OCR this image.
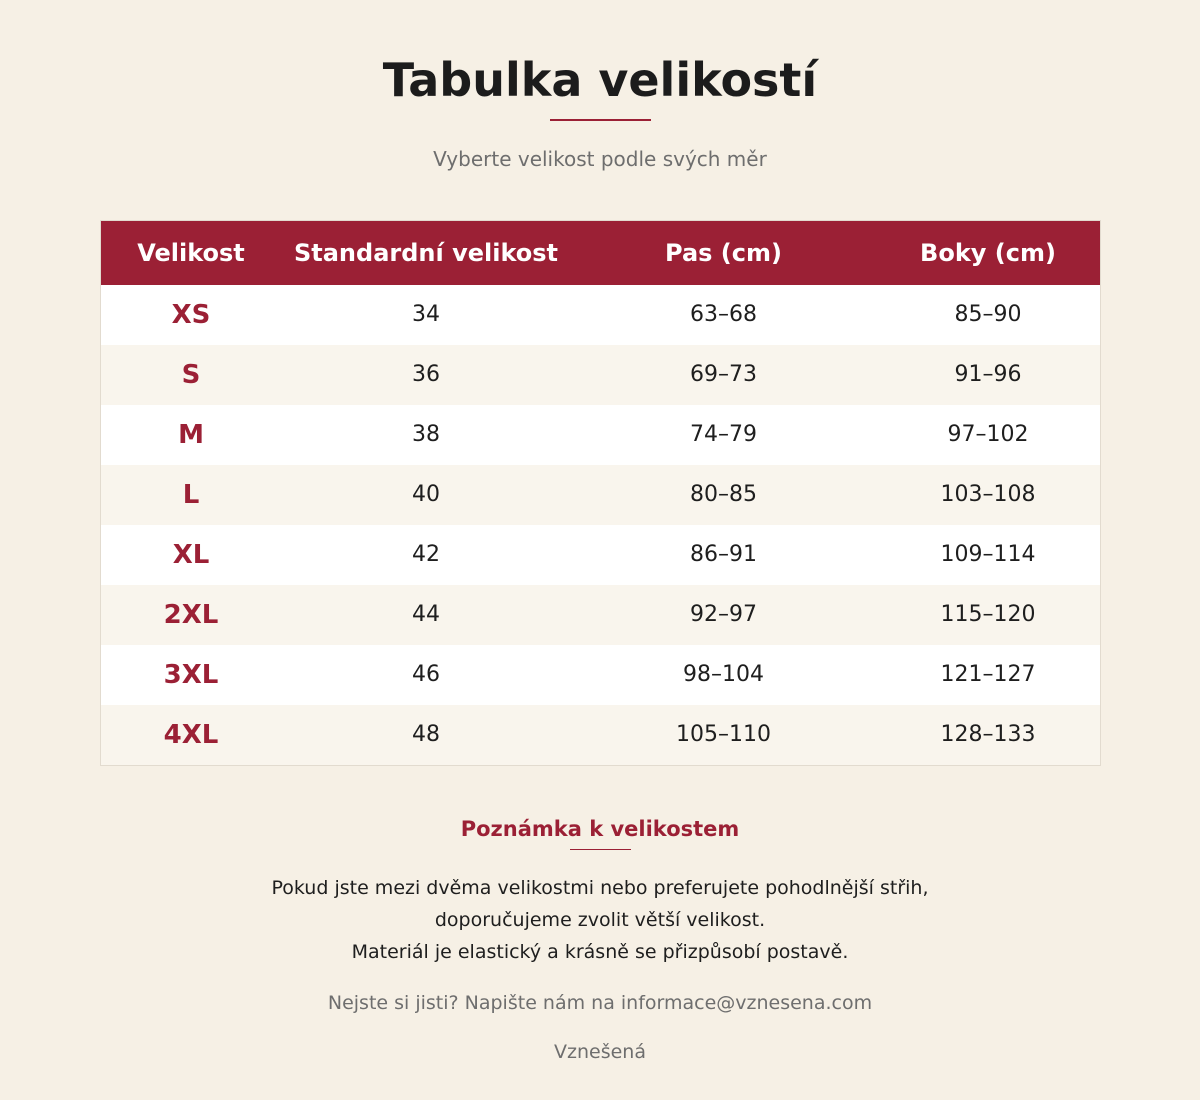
Tabulka velikostí

Vyberte velikost podle svých měr

Velikost	Standardní velikost	Pas (cm)	Boky (cm)
XS	34	63–68	85–90
S	36	69–73	91–96
M	38	74–79	97–102
L	40	80–85	103–108
XL	42	86–91	109–114
2XL	44	92–97	115–120
3XL	46	98–104	121–127
4XL	48	105–110	128–133
Poznámka k velikostem

Pokud jste mezi dvěma velikostmi nebo preferujete pohodlnější střih,
doporučujeme zvolit větší velikost.
Materiál je elastický a krásně se přizpůsobí postavě.

Nejste si jisti? Napište nám na informace@vznesena.com

Vznešená
